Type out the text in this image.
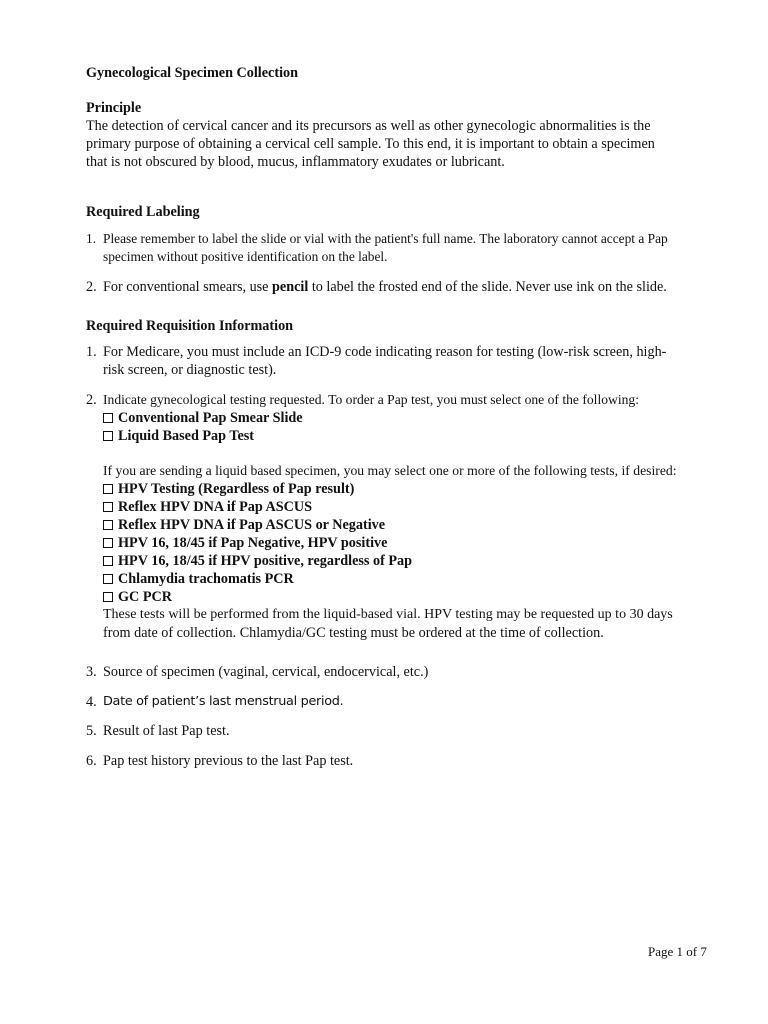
Gynecological Specimen Collection

Principle

The detection of cervical cancer and its precursors as well as other gynecologic abnormalities is the

primary purpose of obtaining a cervical cell sample. To this end, it is important to obtain a specimen

that is not obscured by blood, mucus, inflammatory exudates or lubricant.

Required Labeling

1. Please remember to label the slide or vial with the patient's full name. The laboratory cannot accept a Pap

specimen without positive identification on the label.

2. For conventional smears, use pencil to label the frosted end of the slide. Never use ink on the slide.

Required Requisition Information

1. For Medicare, you must include an ICD-9 code indicating reason for testing (low-risk screen, high-

risk screen, or diagnostic test).

2. Indicate gynecological testing requested. To order a Pap test, you must select one of the following:

Conventional Pap Smear Slide
Liquid Based Pap Test

If you are sending a liquid based specimen, you may select one or more of the following tests, if desired:

HPV Testing (Regardless of Pap result)
Reflex HPV DNA if Pap ASCUS
Reflex HPV DNA if Pap ASCUS or Negative
HPV 16, 18/45 if Pap Negative, HPV positive
HPV 16, 18/45 if HPV positive, regardless of Pap
Chlamydia trachomatis PCR
GC PCR

These tests will be performed from the liquid-based vial. HPV testing may be requested up to 30 days

from date of collection. Chlamydia/GC testing must be ordered at the time of collection.

3. Source of specimen (vaginal, cervical, endocervical, etc.)

4. Date of patient’s last menstrual period.

5. Result of last Pap test.

6. Pap test history previous to the last Pap test.

Page 1 of 7
